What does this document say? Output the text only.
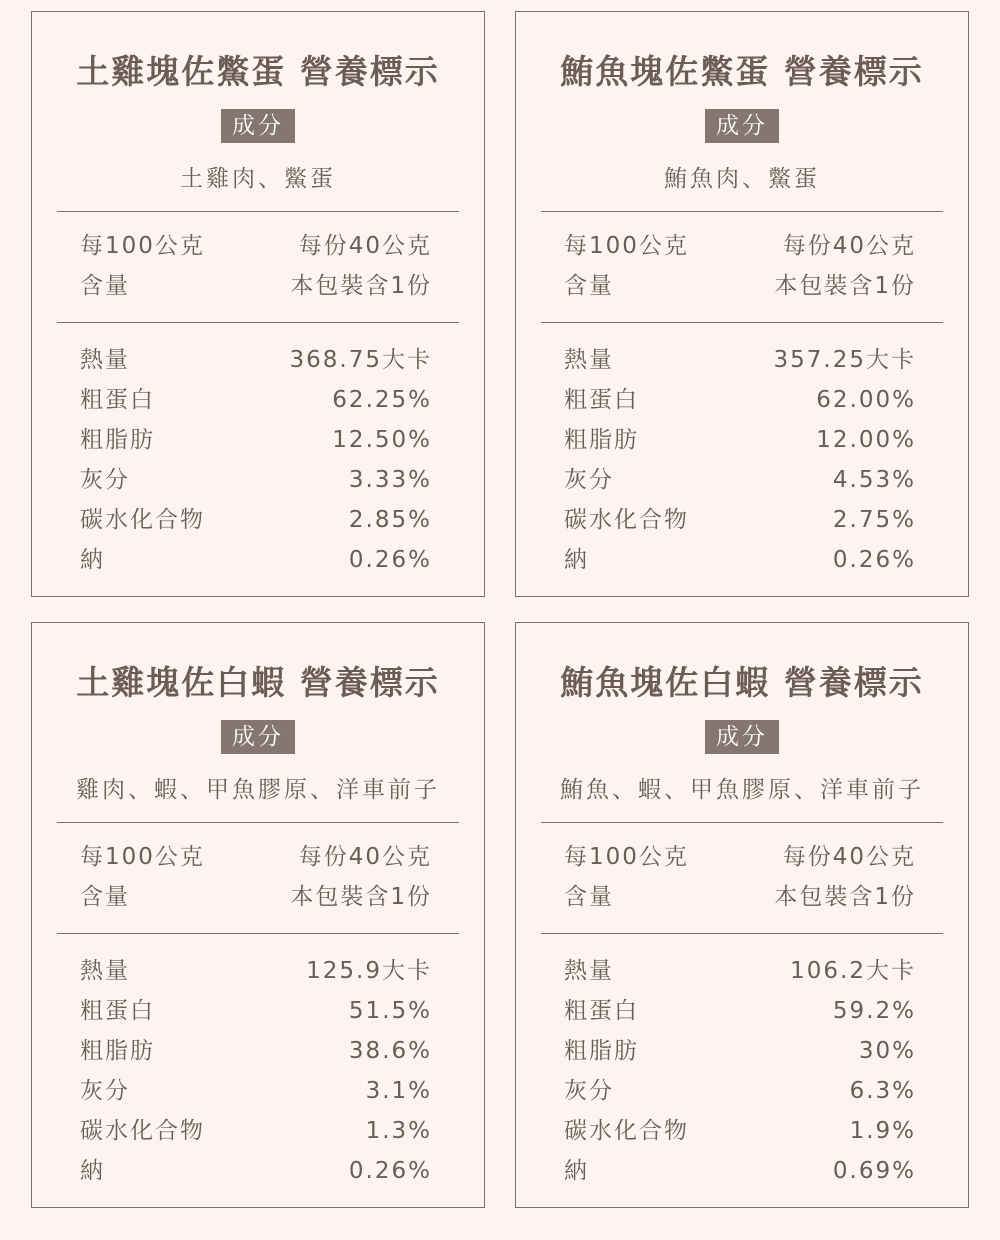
土雞塊佐鱉蛋 營養標示
成分
土雞肉、鱉蛋
每100公克	每份40公克
含量	本包裝含1份
熱量	368.75大卡
粗蛋白	62.25%
粗脂肪	12.50%
灰分	3.33%
碳水化合物	2.85%
納	0.26%
鮪魚塊佐鱉蛋 營養標示
成分
鮪魚肉、鱉蛋
每100公克	每份40公克
含量	本包裝含1份
熱量	357.25大卡
粗蛋白	62.00%
粗脂肪	12.00%
灰分	4.53%
碳水化合物	2.75%
納	0.26%
土雞塊佐白蝦 營養標示
成分
雞肉、蝦、甲魚膠原、洋車前子
每100公克	每份40公克
含量	本包裝含1份
熱量	125.9大卡
粗蛋白	51.5%
粗脂肪	38.6%
灰分	3.1%
碳水化合物	1.3%
納	0.26%
鮪魚塊佐白蝦 營養標示
成分
鮪魚、蝦、甲魚膠原、洋車前子
每100公克	每份40公克
含量	本包裝含1份
熱量	106.2大卡
粗蛋白	59.2%
粗脂肪	30%
灰分	6.3%
碳水化合物	1.9%
納	0.69%
